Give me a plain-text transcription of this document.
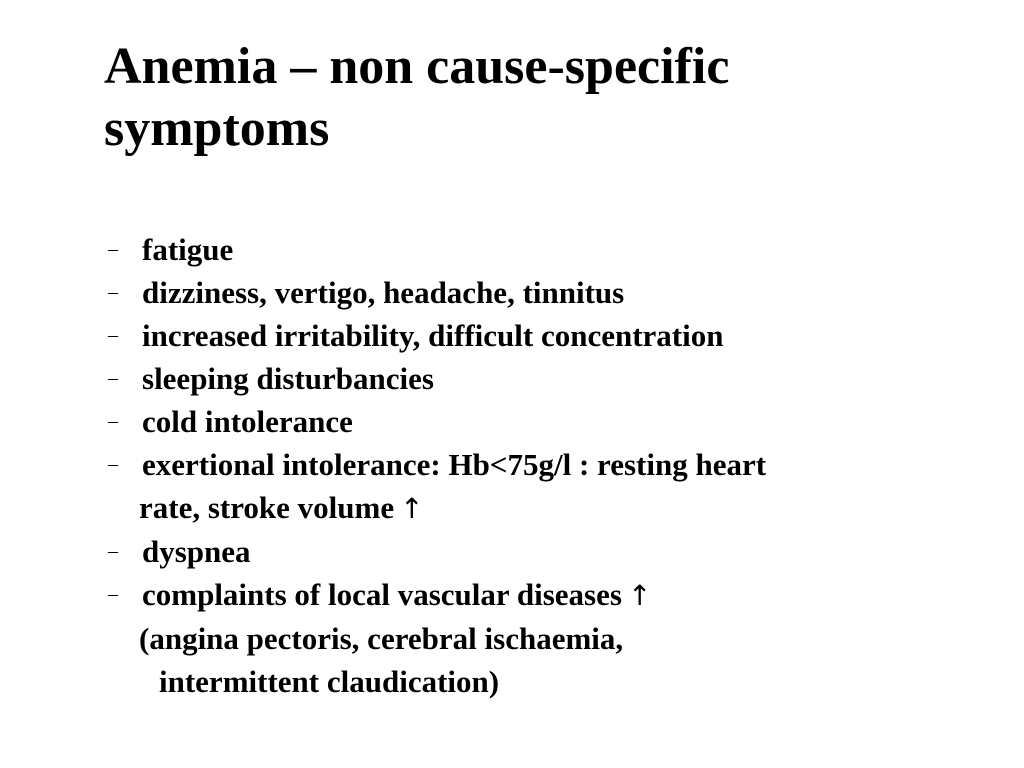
Anemia – non cause-specific
symptoms
– fatigue
– dizziness, vertigo, headache, tinnitus
– increased irritability, difficult concentration
– sleeping disturbancies
– cold intolerance
– exertional intolerance: Hb<75g/l : resting heart
rate, stroke volume ↑
– dyspnea
– complaints of local vascular diseases ↑
(angina pectoris, cerebral ischaemia,
intermittent claudication)
